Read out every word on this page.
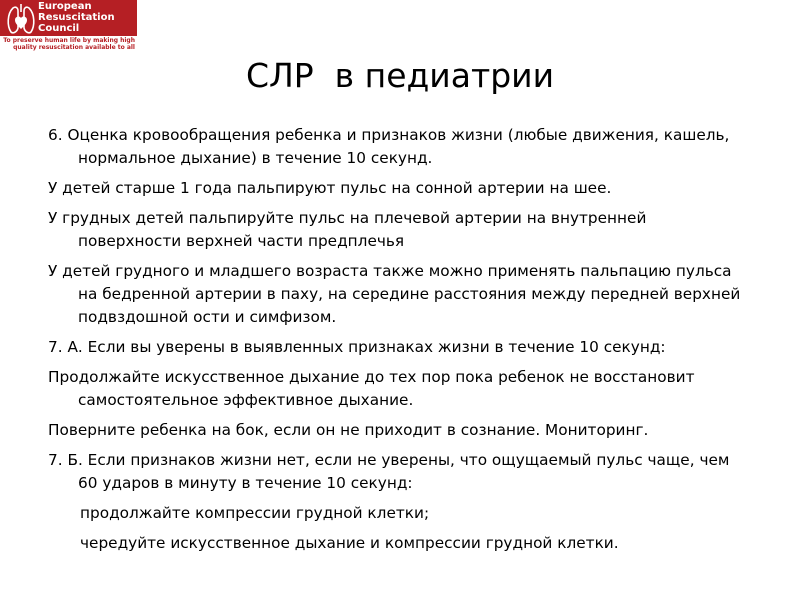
European
Resuscitation
Council
To preserve human life by making high quality resuscitation available to all
СЛР  в педиатрии

6. Оценка кровообращения ребенка и признаков жизни (любые движения, кашель, нормальное дыхание) в течение 10 секунд.

У детей старше 1 года пальпируют пульс на сонной артерии на шее.

У грудных детей пальпируйте пульс на плечевой артерии на внутренней поверхности верхней части предплечья

У детей грудного и младшего возраста также можно применять пальпацию пульса на бедренной артерии в паху, на середине расстояния между передней верхней подвздошной ости и симфизом.

7. А. Если вы уверены в выявленных признаках жизни в течение 10 секунд:

Продолжайте искусственное дыхание до тех пор пока ребенок не восстановит самостоятельное эффективное дыхание.

Поверните ребенка на бок, если он не приходит в сознание. Мониторинг.

7. Б. Если признаков жизни нет, если не уверены, что ощущаемый пульс чаще, чем 60 ударов в минуту в течение 10 секунд:

продолжайте компрессии грудной клетки;

чередуйте искусственное дыхание и компрессии грудной клетки.
